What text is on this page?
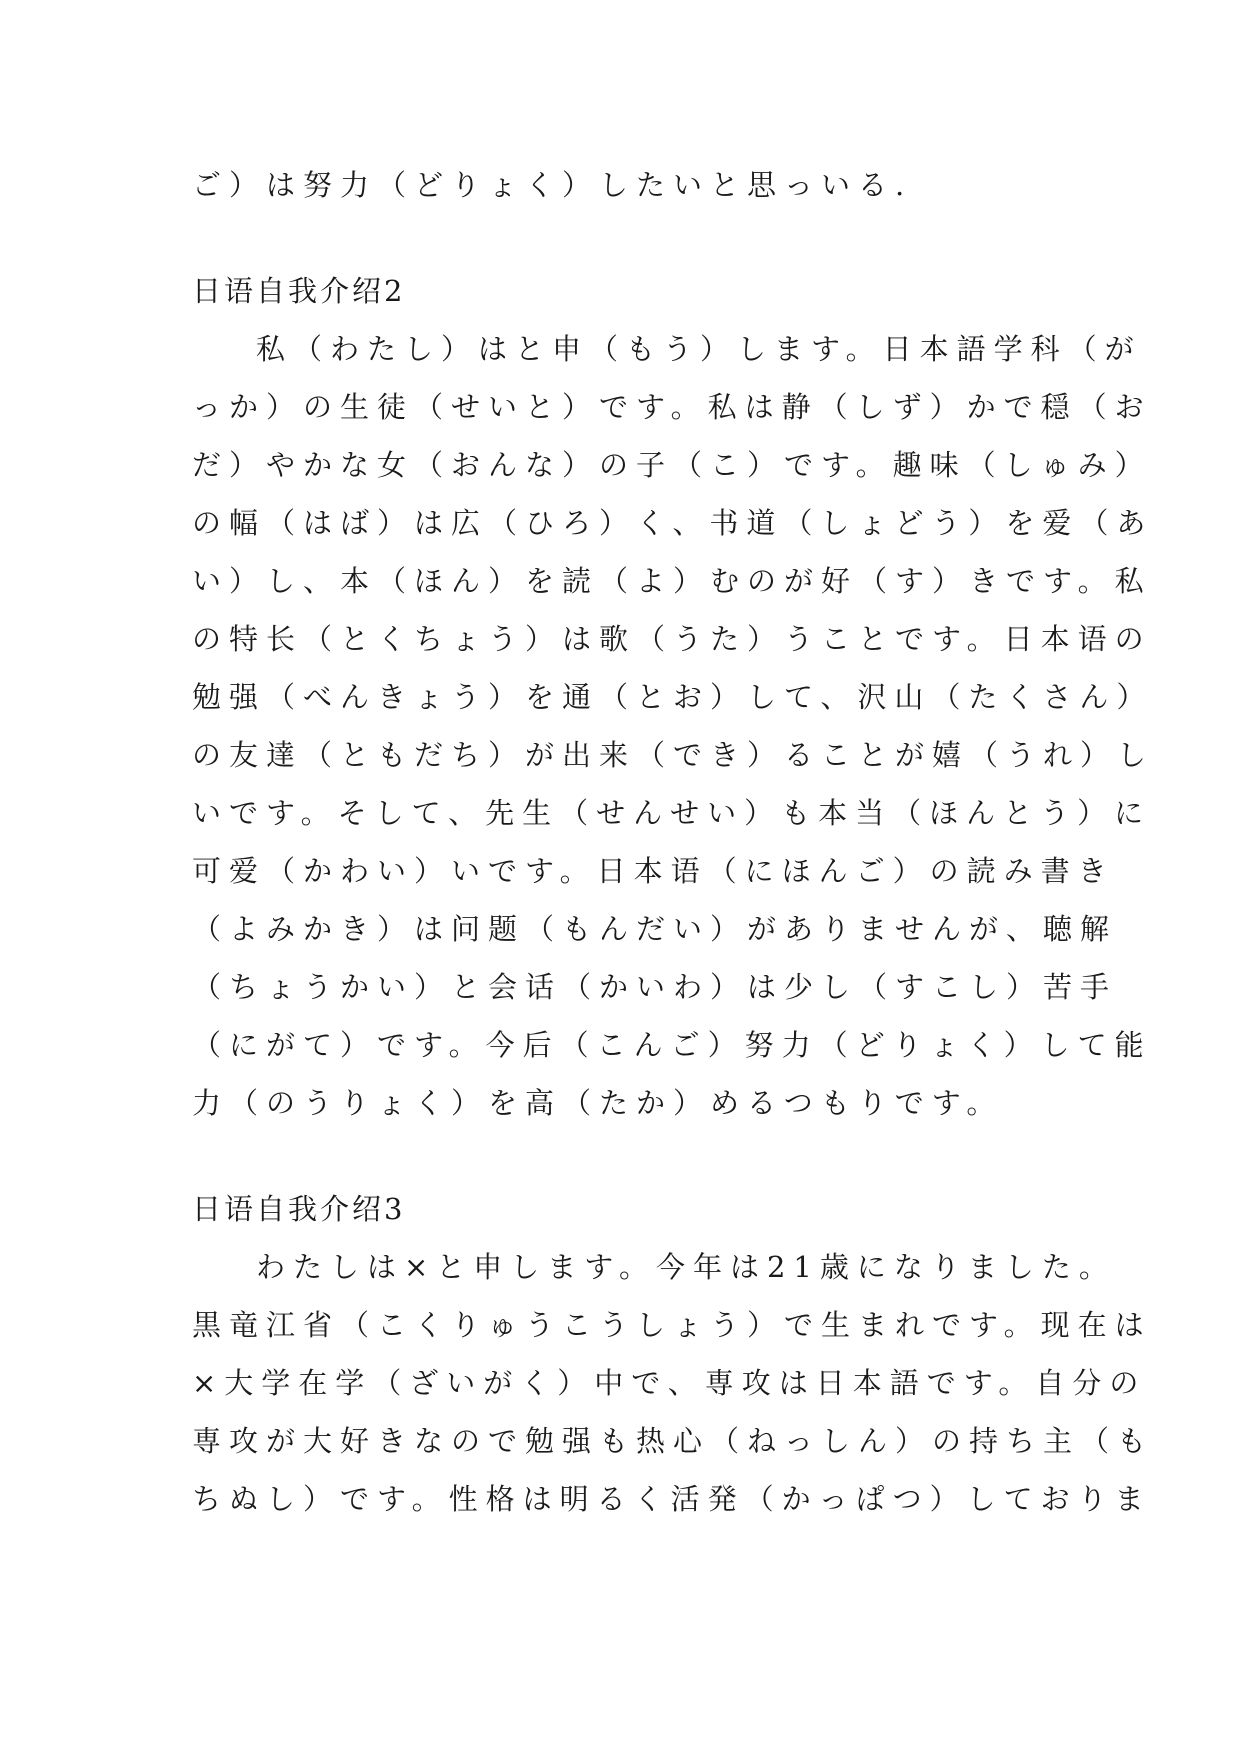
ご）は努力（どりょく）したいと思っいる.
日语自我介绍2
私（わたし）はと申（もう）します。日本語学科（が
っか）の生徒（せいと）です。私は静（しず）かで穏（お
だ）やかな女（おんな）の子（こ）です。趣味（しゅみ）
の幅（はば）は広（ひろ）く、书道（しょどう）を爱（あ
い）し、本（ほん）を読（よ）むのが好（す）きです。私
の特长（とくちょう）は歌（うた）うことです。日本语の
勉强（べんきょう）を通（とお）して、沢山（たくさん）
の友達（ともだち）が出来（でき）ることが嬉（うれ）し
いです。そして、先生（せんせい）も本当（ほんとう）に
可爱（かわい）いです。日本语（にほんご）の読み書き
（よみかき）は问题（もんだい）がありませんが、聴解
（ちょうかい）と会话（かいわ）は少し（すこし）苦手
（にがて）です。今后（こんご）努力（どりょく）して能
力（のうりょく）を高（たか）めるつもりです。
日语自我介绍3
わたしは×と申します。今年は21歳になりました。
黒竜江省（こくりゅうこうしょう）で生まれです。现在は
×大学在学（ざいがく）中で、専攻は日本語です。自分の
専攻が大好きなので勉强も热心（ねっしん）の持ち主（も
ちぬし）です。性格は明るく活発（かっぱつ）しておりま
